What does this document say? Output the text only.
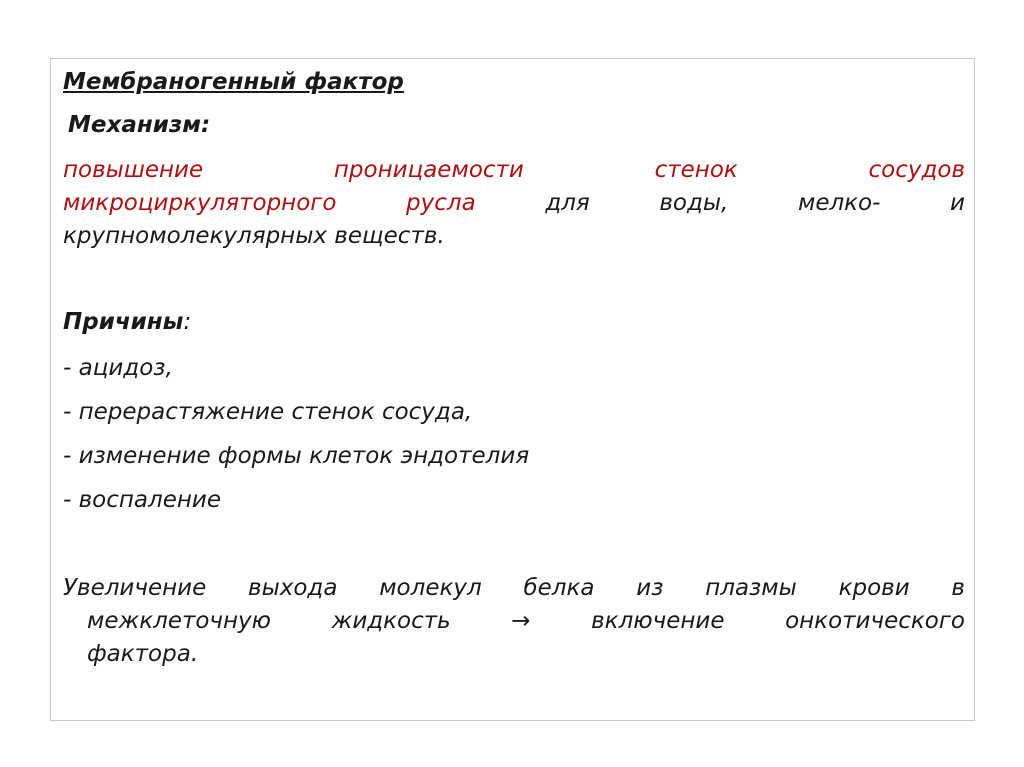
Мембраногенный фактор
Механизм:
повышение проницаемости стенок сосудов
микроциркуляторного русла	для воды, мелко- и
крупномолекулярных веществ.
Причины:
- ацидоз,
- перерастяжение стенок сосуда,
- изменение формы клеток эндотелия
- воспаление
Увеличение выхода молекул белка из плазмы крови в
межклеточную жидкость → включение онкотического
фактора.
